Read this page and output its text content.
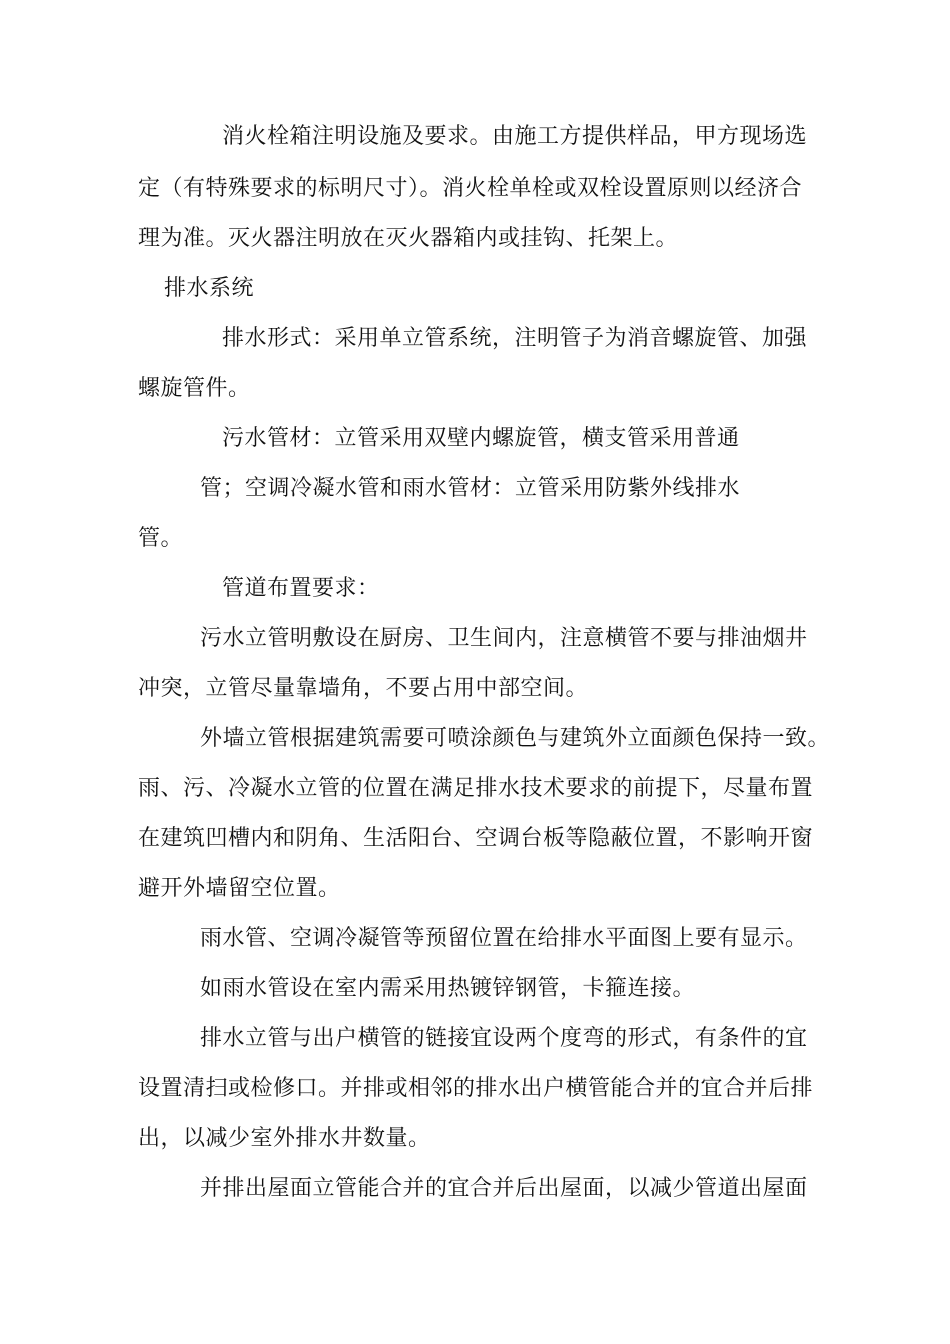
消火栓箱注明设施及要求。由施工方提供样品，甲方现场选
定（有特殊要求的标明尺寸）。消火栓单栓或双栓设置原则以经济合
理为准。灭火器注明放在灭火器箱内或挂钩、托架上。
排水系统
排水形式：采用单立管系统，注明管子为消音螺旋管、加强
螺旋管件。
污水管材：立管采用双壁内螺旋管，横支管采用普通
管；空调冷凝水管和雨水管材：立管采用防紫外线排水
管。
管道布置要求：
污水立管明敷设在厨房、卫生间内，注意横管不要与排油烟井
冲突，立管尽量靠墙角，不要占用中部空间。
外墙立管根据建筑需要可喷涂颜色与建筑外立面颜色保持一致。
雨、污、冷凝水立管的位置在满足排水技术要求的前提下，尽量布置
在建筑凹槽内和阴角、生活阳台、空调台板等隐蔽位置，不影响开窗
避开外墙留空位置。
雨水管、空调冷凝管等预留位置在给排水平面图上要有显示。
如雨水管设在室内需采用热镀锌钢管，卡箍连接。
排水立管与出户横管的链接宜设两个度弯的形式，有条件的宜
设置清扫或检修口。并排或相邻的排水出户横管能合并的宜合并后排
出，以减少室外排水井数量。
并排出屋面立管能合并的宜合并后出屋面，以减少管道出屋面
